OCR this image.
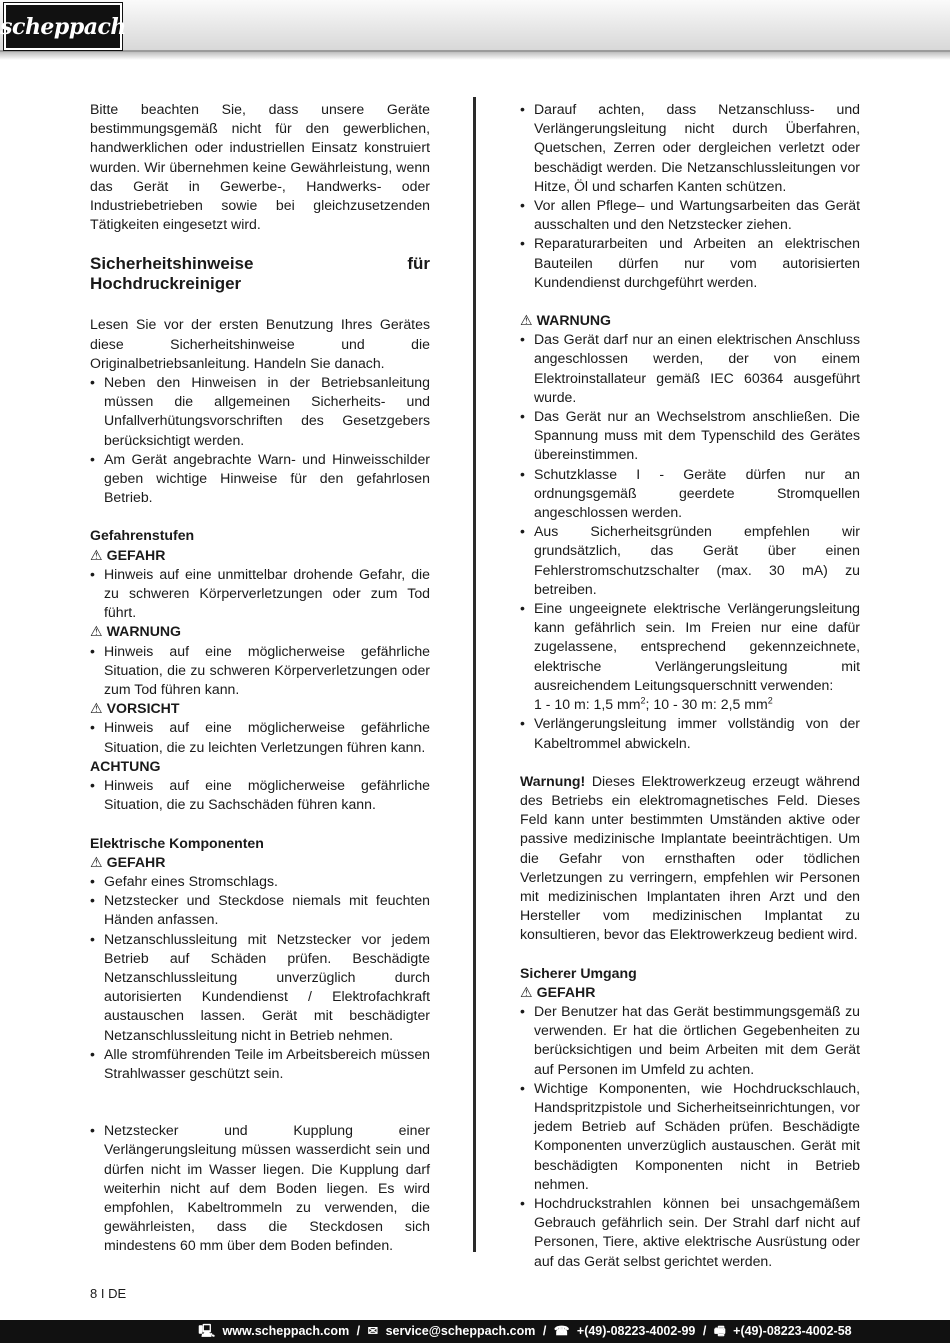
scheppach

Bitte beachten Sie, dass unsere Geräte bestimmungsgemäß nicht für den gewerblichen, handwerklichen oder industriellen Einsatz konstruiert wurden. Wir übernehmen keine Gewährleistung, wenn das Gerät in Gewerbe-, Handwerks- oder Industriebetrieben sowie bei gleichzusetzenden Tätigkeiten eingesetzt wird.

Sicherheitshinweise für Hochdruckreiniger

Lesen Sie vor der ersten Benutzung Ihres Gerätes diese Sicherheitshinweise und die Originalbetriebsanleitung. Handeln Sie danach.

• Neben den Hinweisen in der Betriebsanleitung müssen die allgemeinen Sicherheits- und Unfallverhütungsvorschriften des Gesetzgebers berücksichtigt werden.
• Am Gerät angebrachte Warn- und Hinweisschilder geben wichtige Hinweise für den gefahrlosen Betrieb.

Gefahrenstufen

⚠ GEFAHR

• Hinweis auf eine unmittelbar drohende Gefahr, die zu schweren Körperverletzungen oder zum Tod führt.

⚠ WARNUNG

• Hinweis auf eine möglicherweise gefährliche Situation, die zu schweren Körperverletzungen oder zum Tod führen kann.

⚠ VORSICHT

• Hinweis auf eine möglicherweise gefährliche Situation, die zu leichten Verletzungen führen kann.

ACHTUNG

• Hinweis auf eine möglicherweise gefährliche Situation, die zu Sachschäden führen kann.

Elektrische Komponenten

⚠ GEFAHR

• Gefahr eines Stromschlags.
• Netzstecker und Steckdose niemals mit feuchten Händen anfassen.
• Netzanschlussleitung mit Netzstecker vor jedem Betrieb auf Schäden prüfen. Beschädigte Netzanschlussleitung unverzüglich durch autorisierten Kundendienst / Elektrofachkraft austauschen lassen. Gerät mit beschädigter Netzanschlussleitung nicht in Betrieb nehmen.
• Alle stromführenden Teile im Arbeitsbereich müssen Strahlwasser geschützt sein.
• Netzstecker und Kupplung einer Verlängerungsleitung müssen wasserdicht sein und dürfen nicht im Wasser liegen. Die Kupplung darf weiterhin nicht auf dem Boden liegen. Es wird empfohlen, Kabeltrommeln zu verwenden, die gewährleisten, dass die Steckdosen sich mindestens 60 mm über dem Boden befinden.
• Darauf achten, dass Netzanschluss- und Verlängerungsleitung nicht durch Überfahren, Quetschen, Zerren oder dergleichen verletzt oder beschädigt werden. Die Netzanschlussleitungen vor Hitze, Öl und scharfen Kanten schützen.
• Vor allen Pflege– und Wartungsarbeiten das Gerät ausschalten und den Netzstecker ziehen.
• Reparaturarbeiten und Arbeiten an elektrischen Bauteilen dürfen nur vom autorisierten Kundendienst durchgeführt werden.

⚠ WARNUNG

• Das Gerät darf nur an einen elektrischen Anschluss angeschlossen werden, der von einem Elektroinstallateur gemäß IEC 60364 ausgeführt wurde.
• Das Gerät nur an Wechselstrom anschließen. Die Spannung muss mit dem Typenschild des Gerätes übereinstimmen.
• Schutzklasse I - Geräte dürfen nur an ordnungsgemäß geerdete Stromquellen angeschlossen werden.
• Aus Sicherheitsgründen empfehlen wir grundsätzlich, das Gerät über einen Fehlerstromschutzschalter (max. 30 mA) zu betreiben.
• Eine ungeeignete elektrische Verlängerungsleitung kann gefährlich sein. Im Freien nur eine dafür zugelassene, entsprechend gekennzeichnete, elektrische Verlängerungsleitung mit ausreichendem Leitungsquerschnitt verwenden:

1 - 10 m: 1,5 $mm^2$; 10 - 30 m: 2,5 $mm^2$

• Verlängerungsleitung immer vollständig von der Kabeltrommel abwickeln.

Warnung! Dieses Elektrowerkzeug erzeugt während des Betriebs ein elektromagnetisches Feld. Dieses Feld kann unter bestimmten Umständen aktive oder passive medizinische Implantate beeinträchtigen. Um die Gefahr von ernsthaften oder tödlichen Verletzungen zu verringern, empfehlen wir Personen mit medizinischen Implantaten ihren Arzt und den Hersteller vom medizinischen Implantat zu konsultieren, bevor das Elektrowerkzeug bedient wird.

Sicherer Umgang

⚠ GEFAHR

• Der Benutzer hat das Gerät bestimmungsgemäß zu verwenden. Er hat die örtlichen Gegebenheiten zu berücksichtigen und beim Arbeiten mit dem Gerät auf Personen im Umfeld zu achten.
• Wichtige Komponenten, wie Hochdruckschlauch, Handspritzpistole und Sicherheitseinrichtungen, vor jedem Betrieb auf Schäden prüfen. Beschädigte Komponenten unverzüglich austauschen. Gerät mit beschädigten Komponenten nicht in Betrieb nehmen.
• Hochdruckstrahlen können bei unsachgemäßem Gebrauch gefährlich sein. Der Strahl darf nicht auf Personen, Tiere, aktive elektrische Ausrüstung oder auf das Gerät selbst gerichtet werden.
8 I DE
🖳 www.scheppach.com / ✉ service@scheppach.com / ☎ +(49)-08223-4002-99 / 🖷 +(49)-08223-4002-58
